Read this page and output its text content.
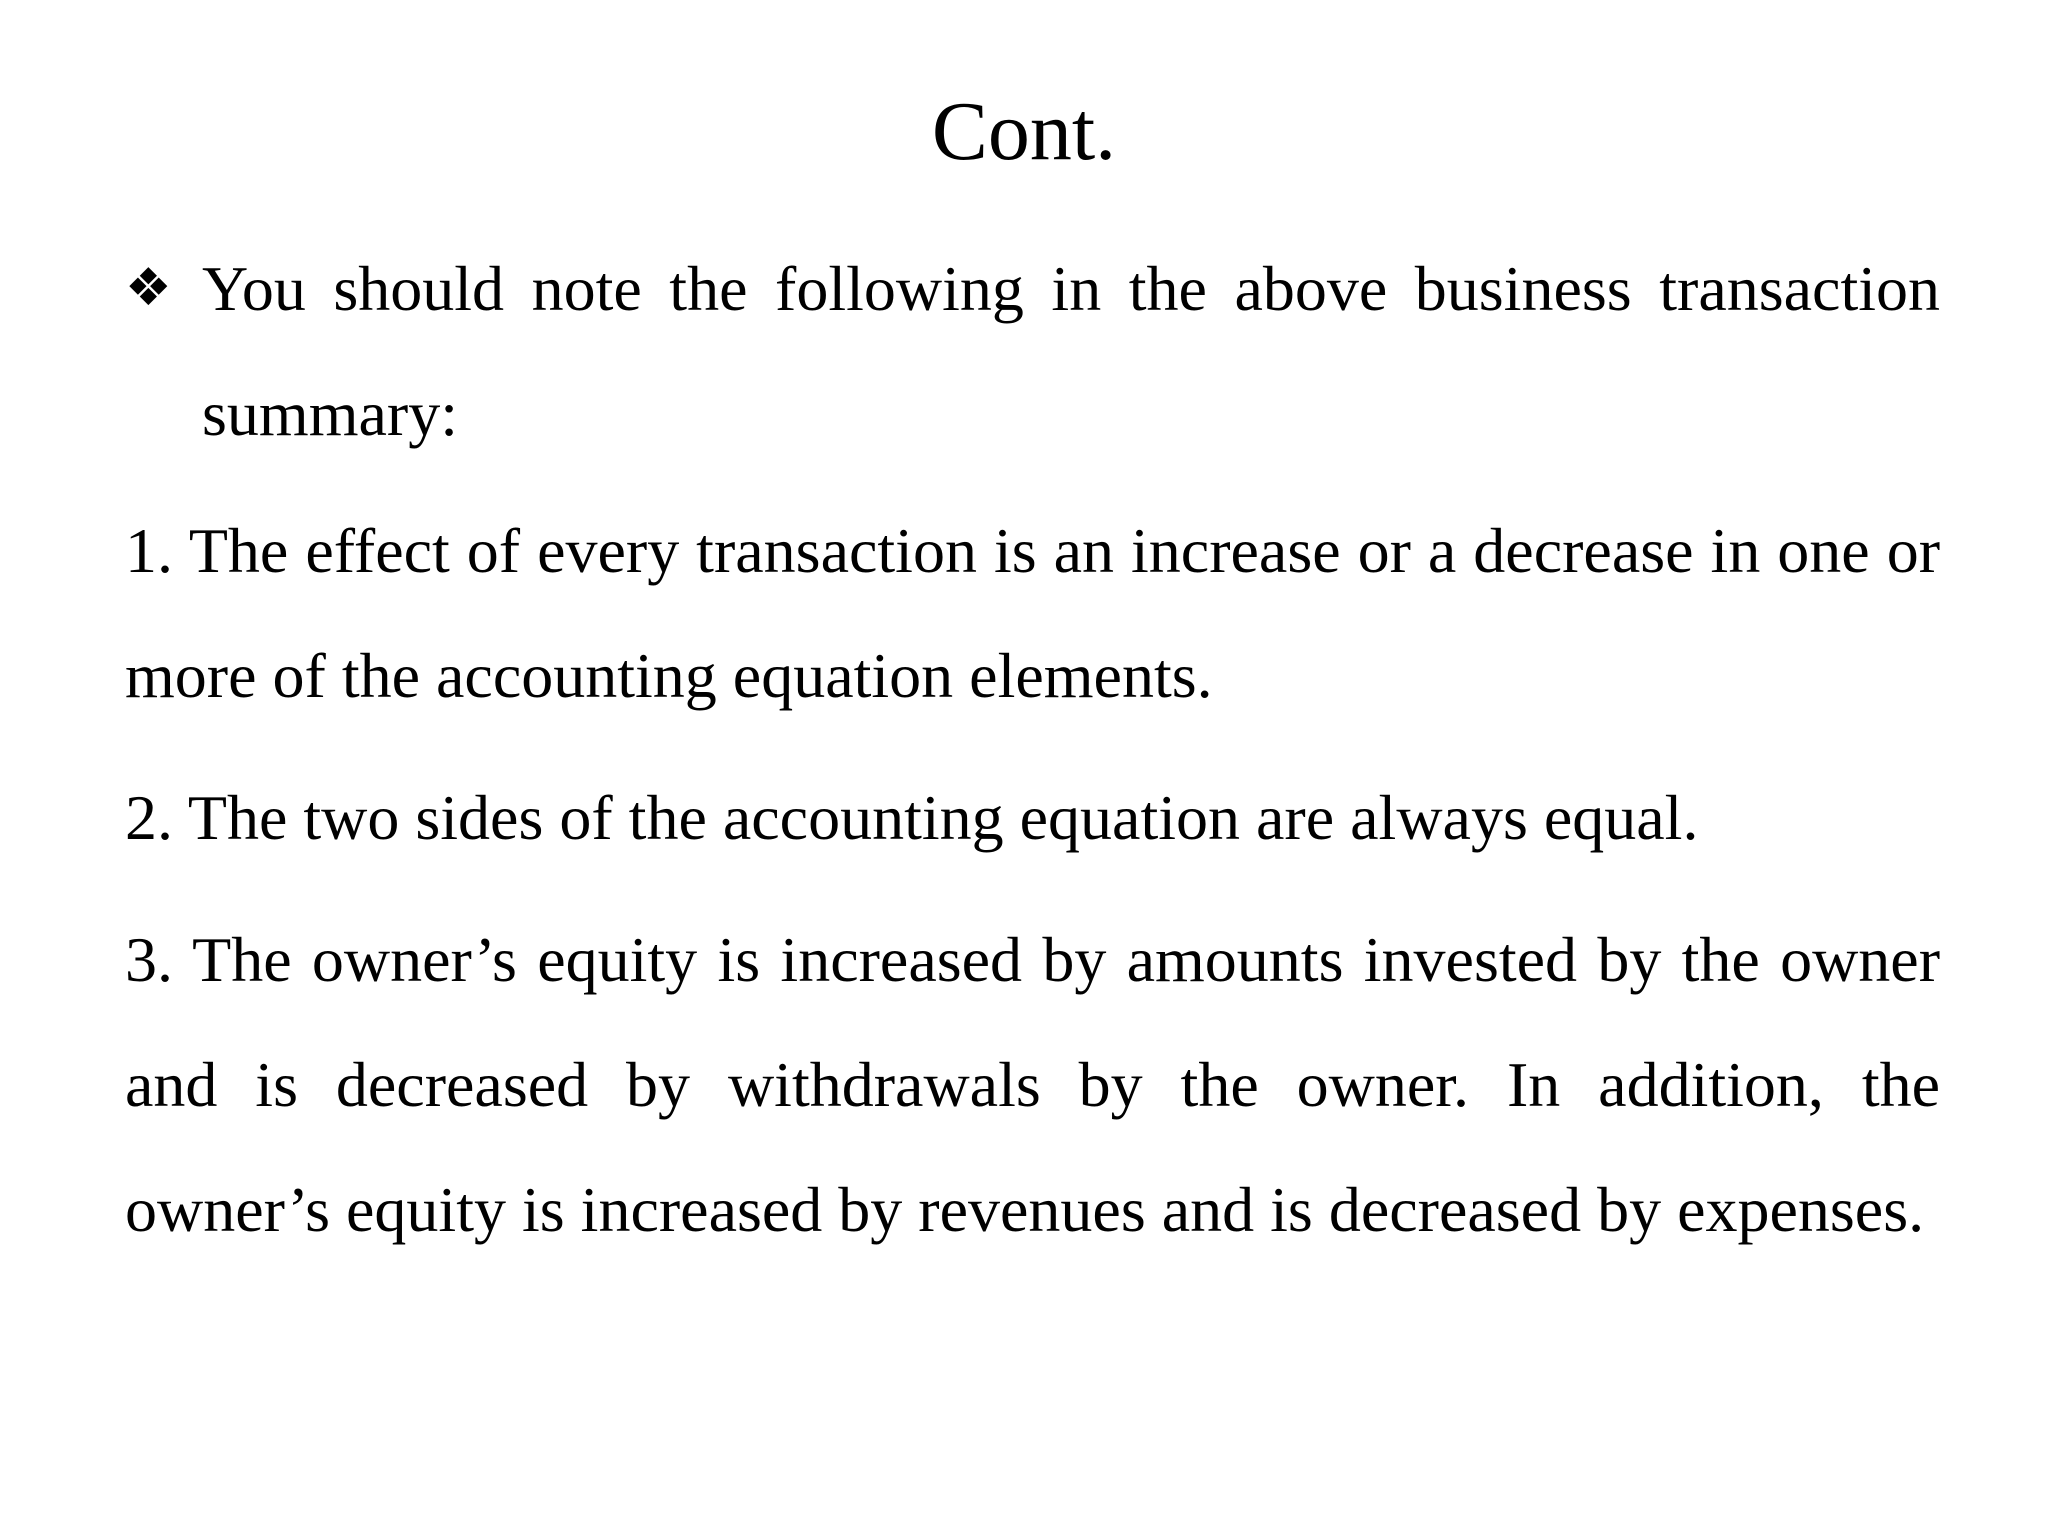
Cont.

❖ You should note the following in the above business transaction summary:

1. The effect of every transaction is an increase or a decrease in one or more of the accounting equation elements.

2. The two sides of the accounting equation are always equal.

3. The owner’s equity is increased by amounts invested by the owner and is decreased by withdrawals by the owner. In addition, the owner’s equity is increased by revenues and is decreased by expenses.
